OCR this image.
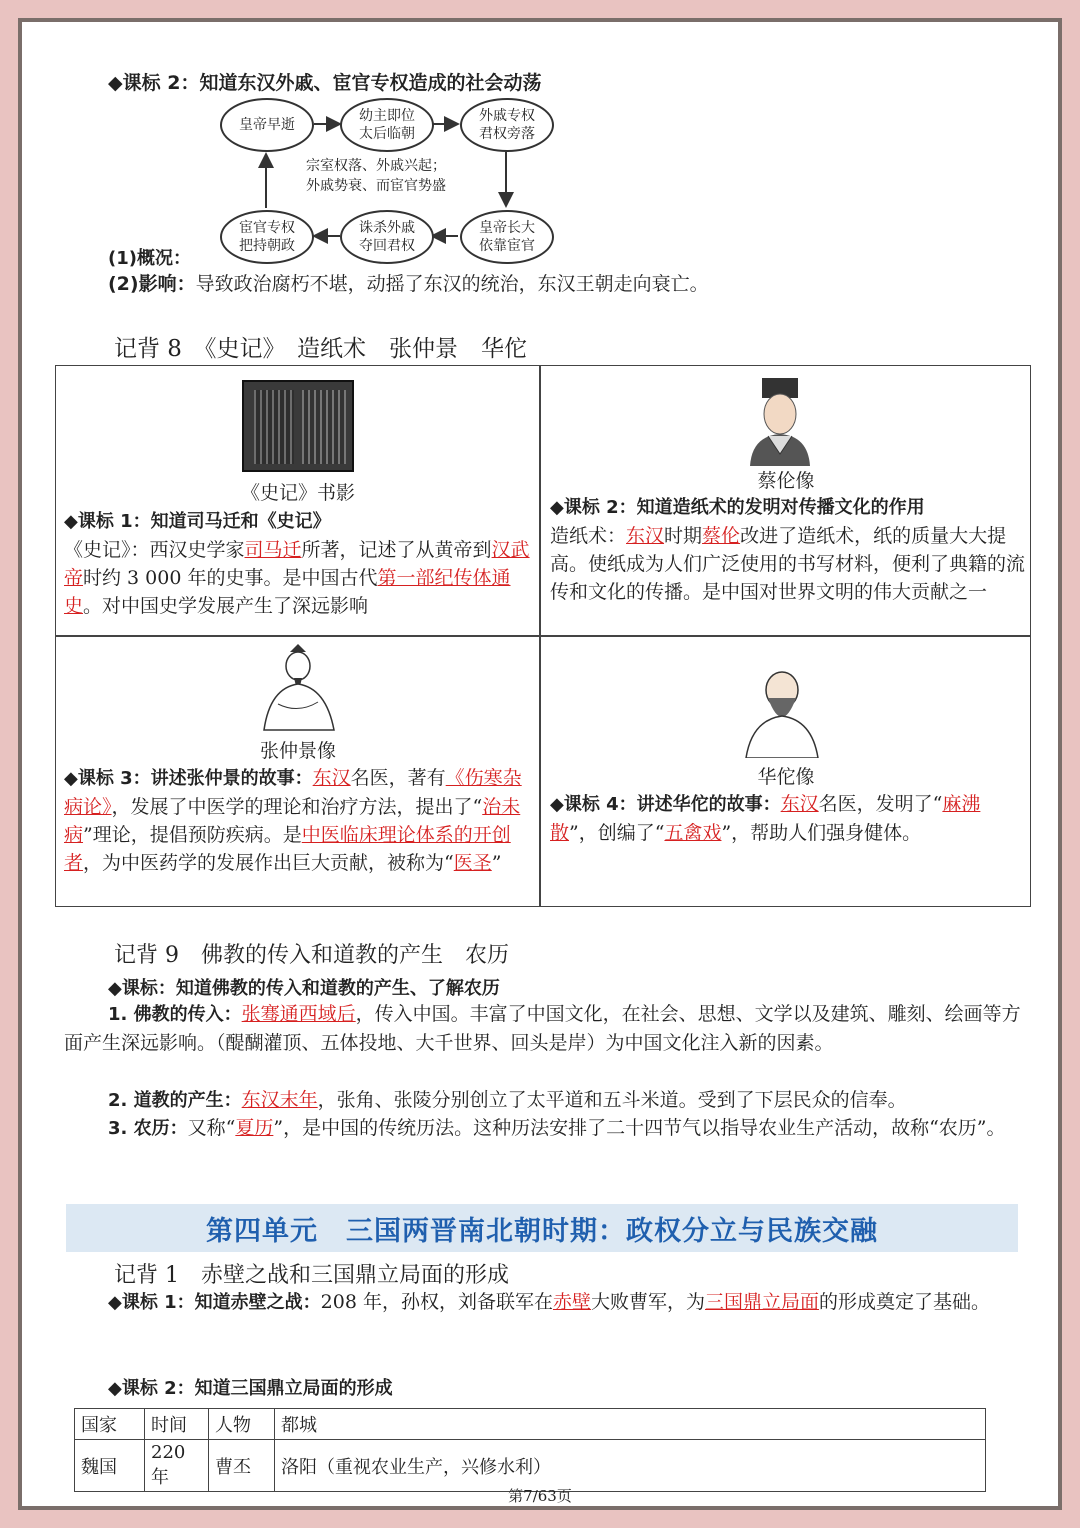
◆课标 2：知道东汉外戚、宦官专权造成的社会动荡
皇帝早逝
幼主即位
太后临朝
外戚专权
君权旁落
皇帝长大
依靠宦官
诛杀外戚
夺回君权
宦官专权
把持朝政
宗室权落、外戚兴起；
外戚势衰、而宦官势盛
(1)概况：
(2)影响：导致政治腐朽不堪，动摇了东汉的统治，东汉王朝走向衰亡。
记背 8　《史记》　造纸术　张仲景　华佗
《史记》书影
◆课标 1：知道司马迁和《史记》
《史记》：西汉史学家司马迁所著，记述了从黄帝到汉武帝时约 3 000 年的史事。是中国古代第一部纪传体通史。对中国史学发展产生了深远影响
蔡伦像
◆课标 2：知道造纸术的发明对传播文化的作用
造纸术：东汉时期蔡伦改进了造纸术，纸的质量大大提高。使纸成为人们广泛使用的书写材料，便利了典籍的流传和文化的传播。是中国对世界文明的伟大贡献之一
张仲景像
◆课标 3：讲述张仲景的故事：东汉名医，著有《伤寒杂病论》，发展了中医学的理论和治疗方法，提出了“治未病”理论，提倡预防疾病。是中医临床理论体系的开创者，为中医药学的发展作出巨大贡献，被称为“医圣”
华佗像
◆课标 4：讲述华佗的故事：东汉名医，发明了“麻沸散”，创编了“五禽戏”，帮助人们强身健体。
记背 9　佛教的传入和道教的产生　农历
◆课标：知道佛教的传入和道教的产生、了解农历
1. 佛教的传入：张骞通西域后，传入中国。丰富了中国文化，在社会、思想、文学以及建筑、雕刻、绘画等方面产生深远影响。（醍醐灌顶、五体投地、大千世界、回头是岸）为中国文化注入新的因素。
2. 道教的产生：东汉末年，张角、张陵分别创立了太平道和五斗米道。受到了下层民众的信奉。
3. 农历：又称“夏历”，是中国的传统历法。这种历法安排了二十四节气以指导农业生产活动，故称“农历”。
第四单元　三国两晋南北朝时期：政权分立与民族交融
记背 1　赤壁之战和三国鼎立局面的形成
◆课标 1：知道赤壁之战：208 年，孙权，刘备联军在赤壁大败曹军，为三国鼎立局面的形成奠定了基础。
◆课标 2：知道三国鼎立局面的形成
国家	时间	人物	都城
魏国	220 年	曹丕	洛阳（重视农业生产，兴修水利）
第7/63页
